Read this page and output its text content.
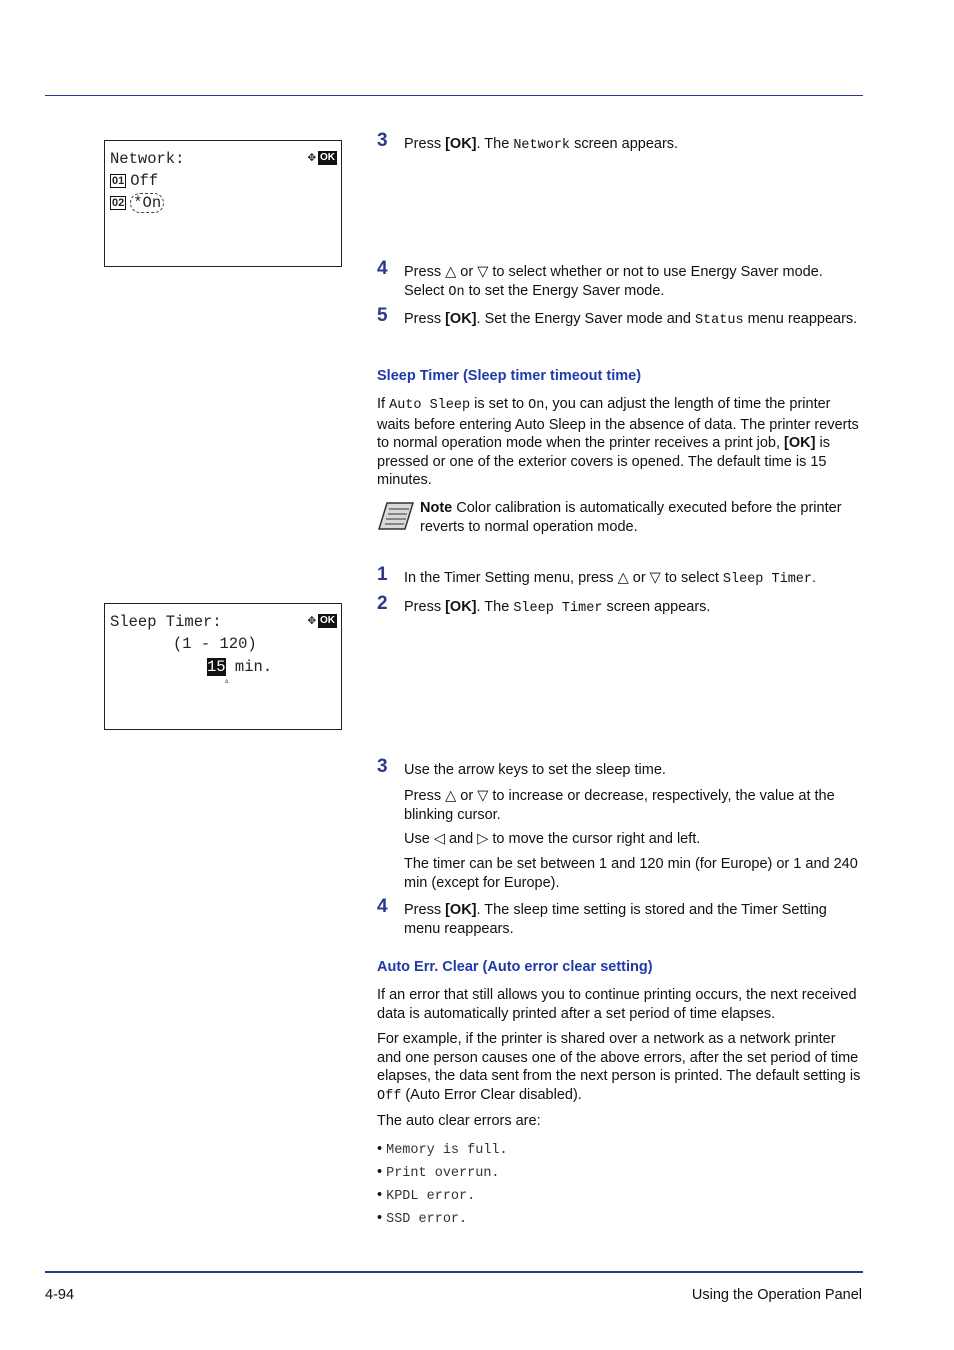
Network:	✥ OK
01 Off
02 *On
3 Press [OK]. The Network screen appears.
4 Press △ or ▽ to select whether or not to use Energy Saver mode. Select On to set the Energy Saver mode.
5 Press [OK]. Set the Energy Saver mode and Status menu reappears.
Sleep Timer (Sleep timer timeout time)
If Auto Sleep is set to On, you can adjust the length of time the printer waits before entering Auto Sleep in the absence of data. The printer reverts to normal operation mode when the printer receives a print job, [OK] is pressed or one of the exterior covers is opened. The default time is 15 minutes.
Note Color calibration is automatically executed before the printer reverts to normal operation mode.
1 In the Timer Setting menu, press △ or ▽ to select Sleep Timer.
2 Press [OK]. The Sleep Timer screen appears.
Sleep Timer:	✥ OK
(1 - 120)
15 min.
▵
3 Use the arrow keys to set the sleep time.
Press △ or ▽ to increase or decrease, respectively, the value at the blinking cursor.
Use ◁ and ▷ to move the cursor right and left.
The timer can be set between 1 and 120 min (for Europe) or 1 and 240 min (except for Europe).
4 Press [OK]. The sleep time setting is stored and the Timer Setting menu reappears.
Auto Err. Clear (Auto error clear setting)
If an error that still allows you to continue printing occurs, the next received data is automatically printed after a set period of time elapses.
For example, if the printer is shared over a network as a network printer and one person causes one of the above errors, after the set period of time elapses, the data sent from the next person is printed. The default setting is Off (Auto Error Clear disabled).
The auto clear errors are:
• Memory is full.
• Print overrun.
• KPDL error.
• SSD error.
4-94	Using the Operation Panel
